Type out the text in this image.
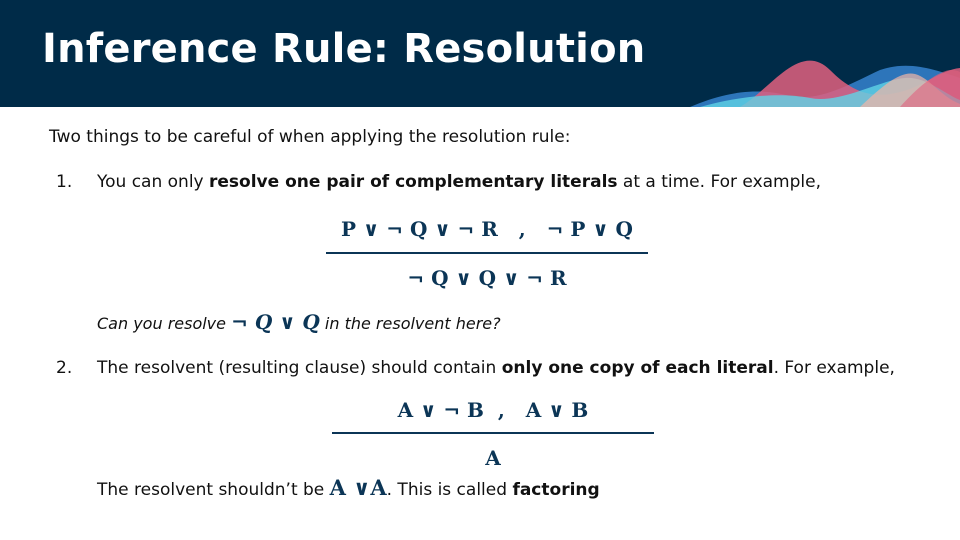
Inference Rule: Resolution

Two things to be careful of when applying the resolution rule:

1.	You can only resolve one pair of complementary literals at a time. For example,
P ∨ ¬ Q ∨ ¬ R   ,   ¬ P ∨ Q
¬ Q ∨ Q ∨ ¬ R
Can you resolve ¬ Q ∨ Q in the resolvent here?
2.	The resolvent (resulting clause) should contain only one copy of each literal. For example,
A ∨ ¬ B  ,   A ∨ B
A
The resolvent shouldn’t be A ∨A. This is called factoring
